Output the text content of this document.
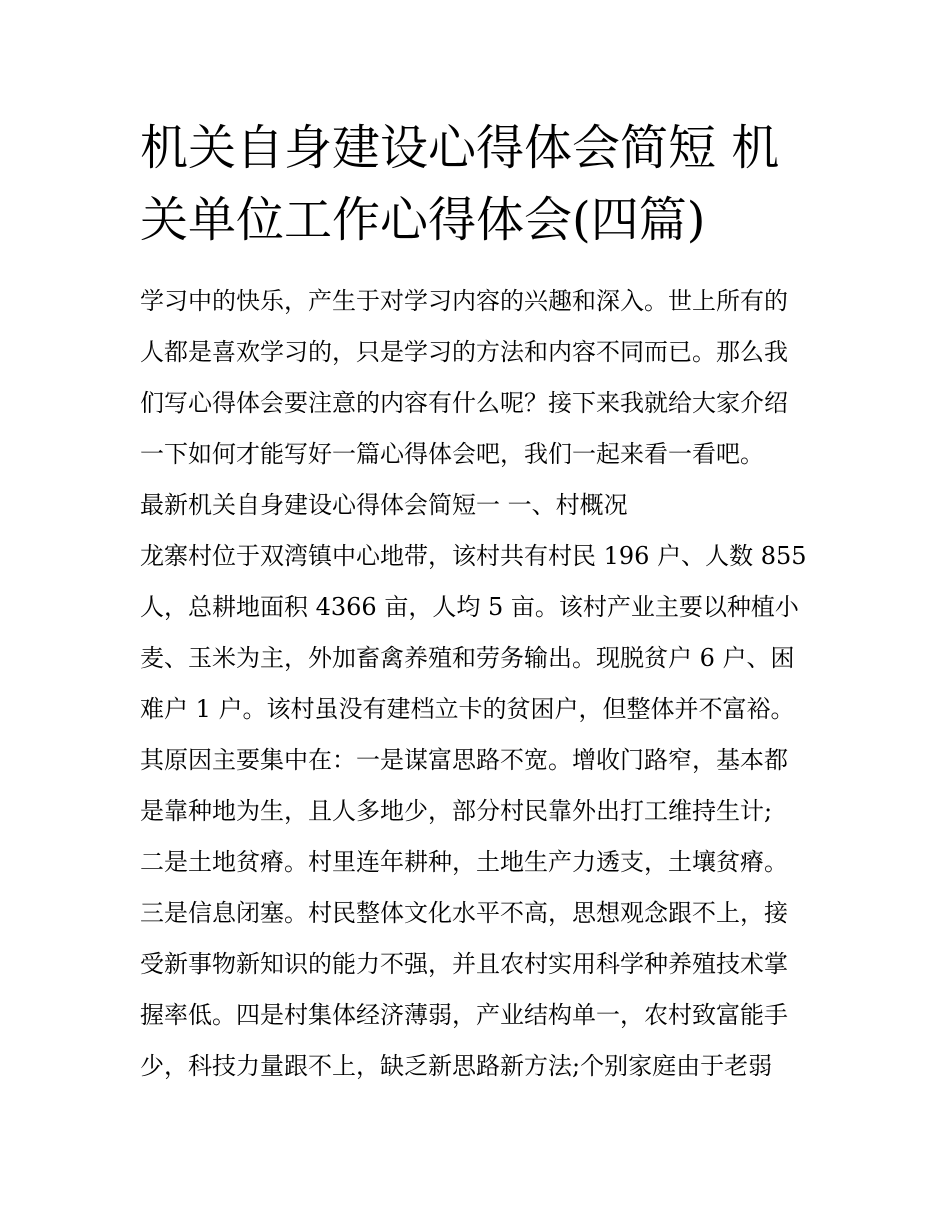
机关自身建设心得体会简短 机
关单位工作心得体会(四篇)
学习中的快乐，产生于对学习内容的兴趣和深入。世上所有的
人都是喜欢学习的，只是学习的方法和内容不同而已。那么我
们写心得体会要注意的内容有什么呢？接下来我就给大家介绍
一下如何才能写好一篇心得体会吧，我们一起来看一看吧。
最新机关自身建设心得体会简短一 一、村概况
龙寨村位于双湾镇中心地带，该村共有村民 196 户、人数 855
人，总耕地面积 4366 亩，人均 5 亩。该村产业主要以种植小
麦、玉米为主，外加畜禽养殖和劳务输出。现脱贫户 6 户、困
难户 1 户。该村虽没有建档立卡的贫困户，但整体并不富裕。
其原因主要集中在：一是谋富思路不宽。增收门路窄，基本都
是靠种地为生，且人多地少，部分村民靠外出打工维持生计;
二是土地贫瘠。村里连年耕种，土地生产力透支，土壤贫瘠。
三是信息闭塞。村民整体文化水平不高，思想观念跟不上，接
受新事物新知识的能力不强，并且农村实用科学种养殖技术掌
握率低。四是村集体经济薄弱，产业结构单一，农村致富能手
少，科技力量跟不上，缺乏新思路新方法;个别家庭由于老弱
